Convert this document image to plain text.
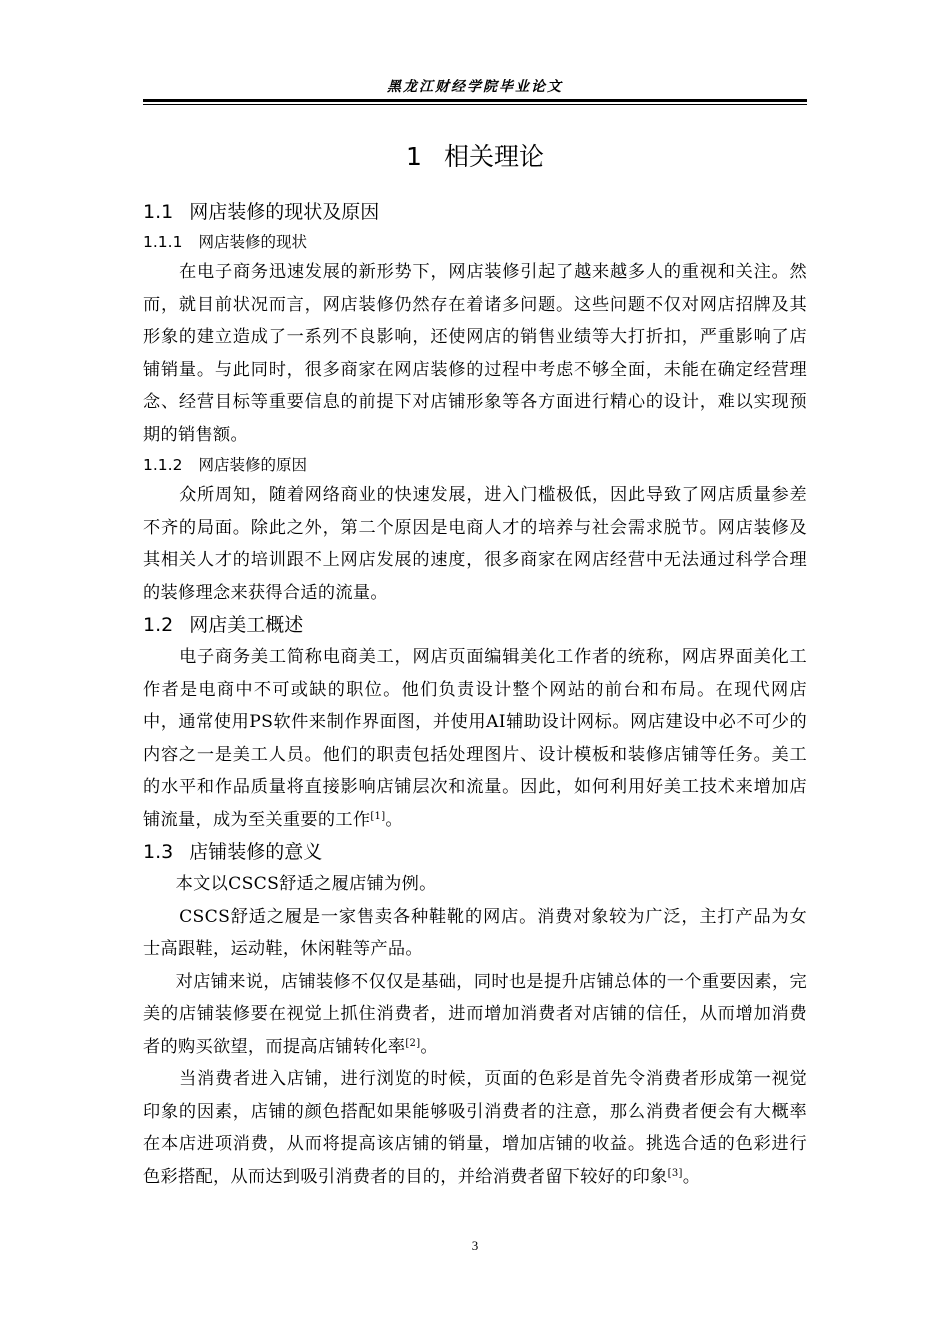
黑龙江财经学院毕业论文
1 相关理论
1.1 网店装修的现状及原因
1.1.1 网店装修的现状

在电子商务迅速发展的新形势下，网店装修引起了越来越多人的重视和关注。然而，就目前状况而言，网店装修仍然存在着诸多问题。这些问题不仅对网店招牌及其形象的建立造成了一系列不良影响，还使网店的销售业绩等大打折扣，严重影响了店铺销量。与此同时，很多商家在网店装修的过程中考虑不够全面，未能在确定经营理念、经营目标等重要信息的前提下对店铺形象等各方面进行精心的设计，难以实现预期的销售额。

1.1.2 网店装修的原因

众所周知，随着网络商业的快速发展，进入门槛极低，因此导致了网店质量参差不齐的局面。除此之外，第二个原因是电商人才的培养与社会需求脱节。网店装修及其相关人才的培训跟不上网店发展的速度，很多商家在网店经营中无法通过科学合理的装修理念来获得合适的流量。

1.2 网店美工概述

电子商务美工简称电商美工，网店页面编辑美化工作者的统称，网店界面美化工作者是电商中不可或缺的职位。他们负责设计整个网站的前台和布局。在现代网店中，通常使用PS软件来制作界面图，并使用AI辅助设计网标。网店建设中必不可少的内容之一是美工人员。他们的职责包括处理图片、设计模板和装修店铺等任务。美工的水平和作品质量将直接影响店铺层次和流量。因此，如何利用好美工技术来增加店铺流量，成为至关重要的工作[1]。

1.3 店铺装修的意义

本文以CSCS舒适之履店铺为例。

CSCS舒适之履是一家售卖各种鞋靴的网店。消费对象较为广泛，主打产品为女士高跟鞋，运动鞋，休闲鞋等产品。

对店铺来说，店铺装修不仅仅是基础，同时也是提升店铺总体的一个重要因素，完美的店铺装修要在视觉上抓住消费者，进而增加消费者对店铺的信任，从而增加消费者的购买欲望，而提高店铺转化率[2]。

当消费者进入店铺，进行浏览的时候，页面的色彩是首先令消费者形成第一视觉印象的因素，店铺的颜色搭配如果能够吸引消费者的注意，那么消费者便会有大概率在本店进项消费，从而将提高该店铺的销量，增加店铺的收益。挑选合适的色彩进行色彩搭配，从而达到吸引消费者的目的，并给消费者留下较好的印象[3]。

3
